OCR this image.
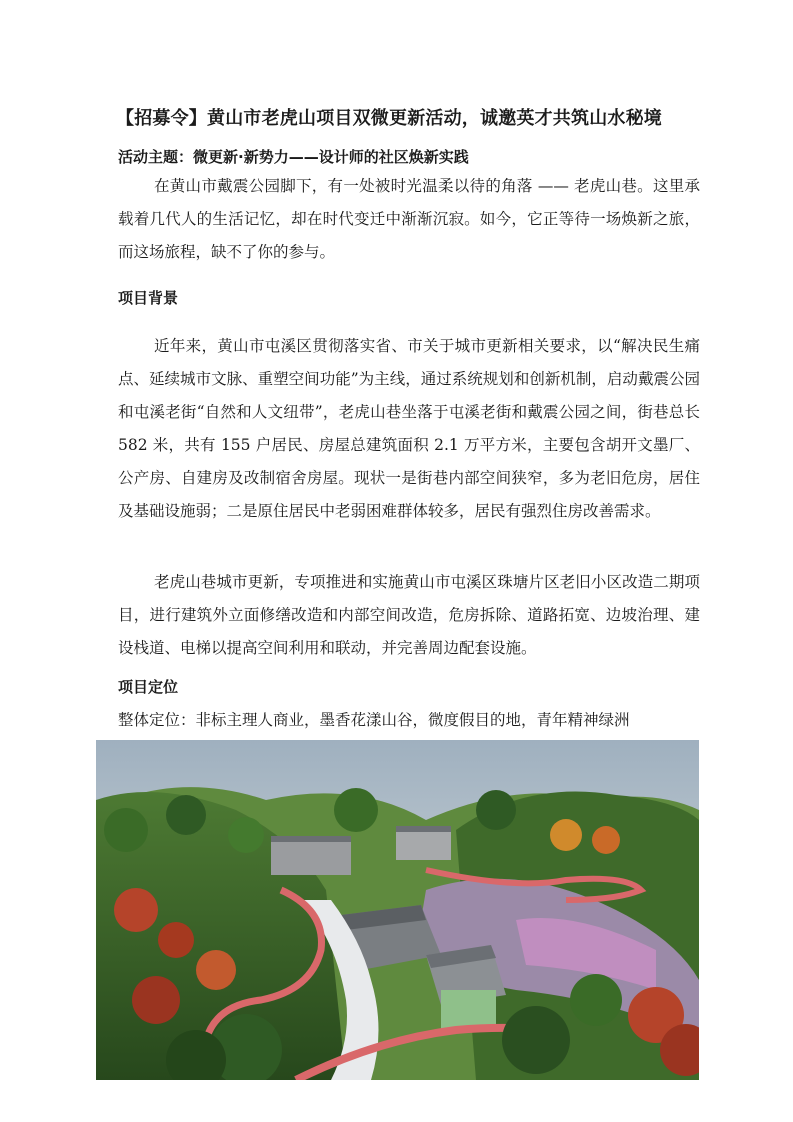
【招募令】黄山市老虎山项目双微更新活动，诚邀英才共筑山水秘境
活动主题：微更新·新势力——设计师的社区焕新实践
在黄山市戴震公园脚下，有一处被时光温柔以待的角落 —— 老虎山巷。这里承载着几代人的生活记忆，却在时代变迁中渐渐沉寂。如今，它正等待一场焕新之旅，而这场旅程，缺不了你的参与。
项目背景
近年来，黄山市屯溪区贯彻落实省、市关于城市更新相关要求，以“解决民生痛点、延续城市文脉、重塑空间功能”为主线，通过系统规划和创新机制，启动戴震公园和屯溪老街“自然和人文纽带”，老虎山巷坐落于屯溪老街和戴震公园之间，街巷总长 582 米，共有 155 户居民、房屋总建筑面积 2.1 万平方米，主要包含胡开文墨厂、公产房、自建房及改制宿舍房屋。现状一是街巷内部空间狭窄，多为老旧危房，居住及基础设施弱；二是原住居民中老弱困难群体较多，居民有强烈住房改善需求。
老虎山巷城市更新，专项推进和实施黄山市屯溪区珠塘片区老旧小区改造二期项目，进行建筑外立面修缮改造和内部空间改造，危房拆除、道路拓宽、边坡治理、建设栈道、电梯以提高空间利用和联动，并完善周边配套设施。
项目定位
整体定位：非标主理人商业，墨香花漾山谷，微度假目的地，青年精神绿洲
